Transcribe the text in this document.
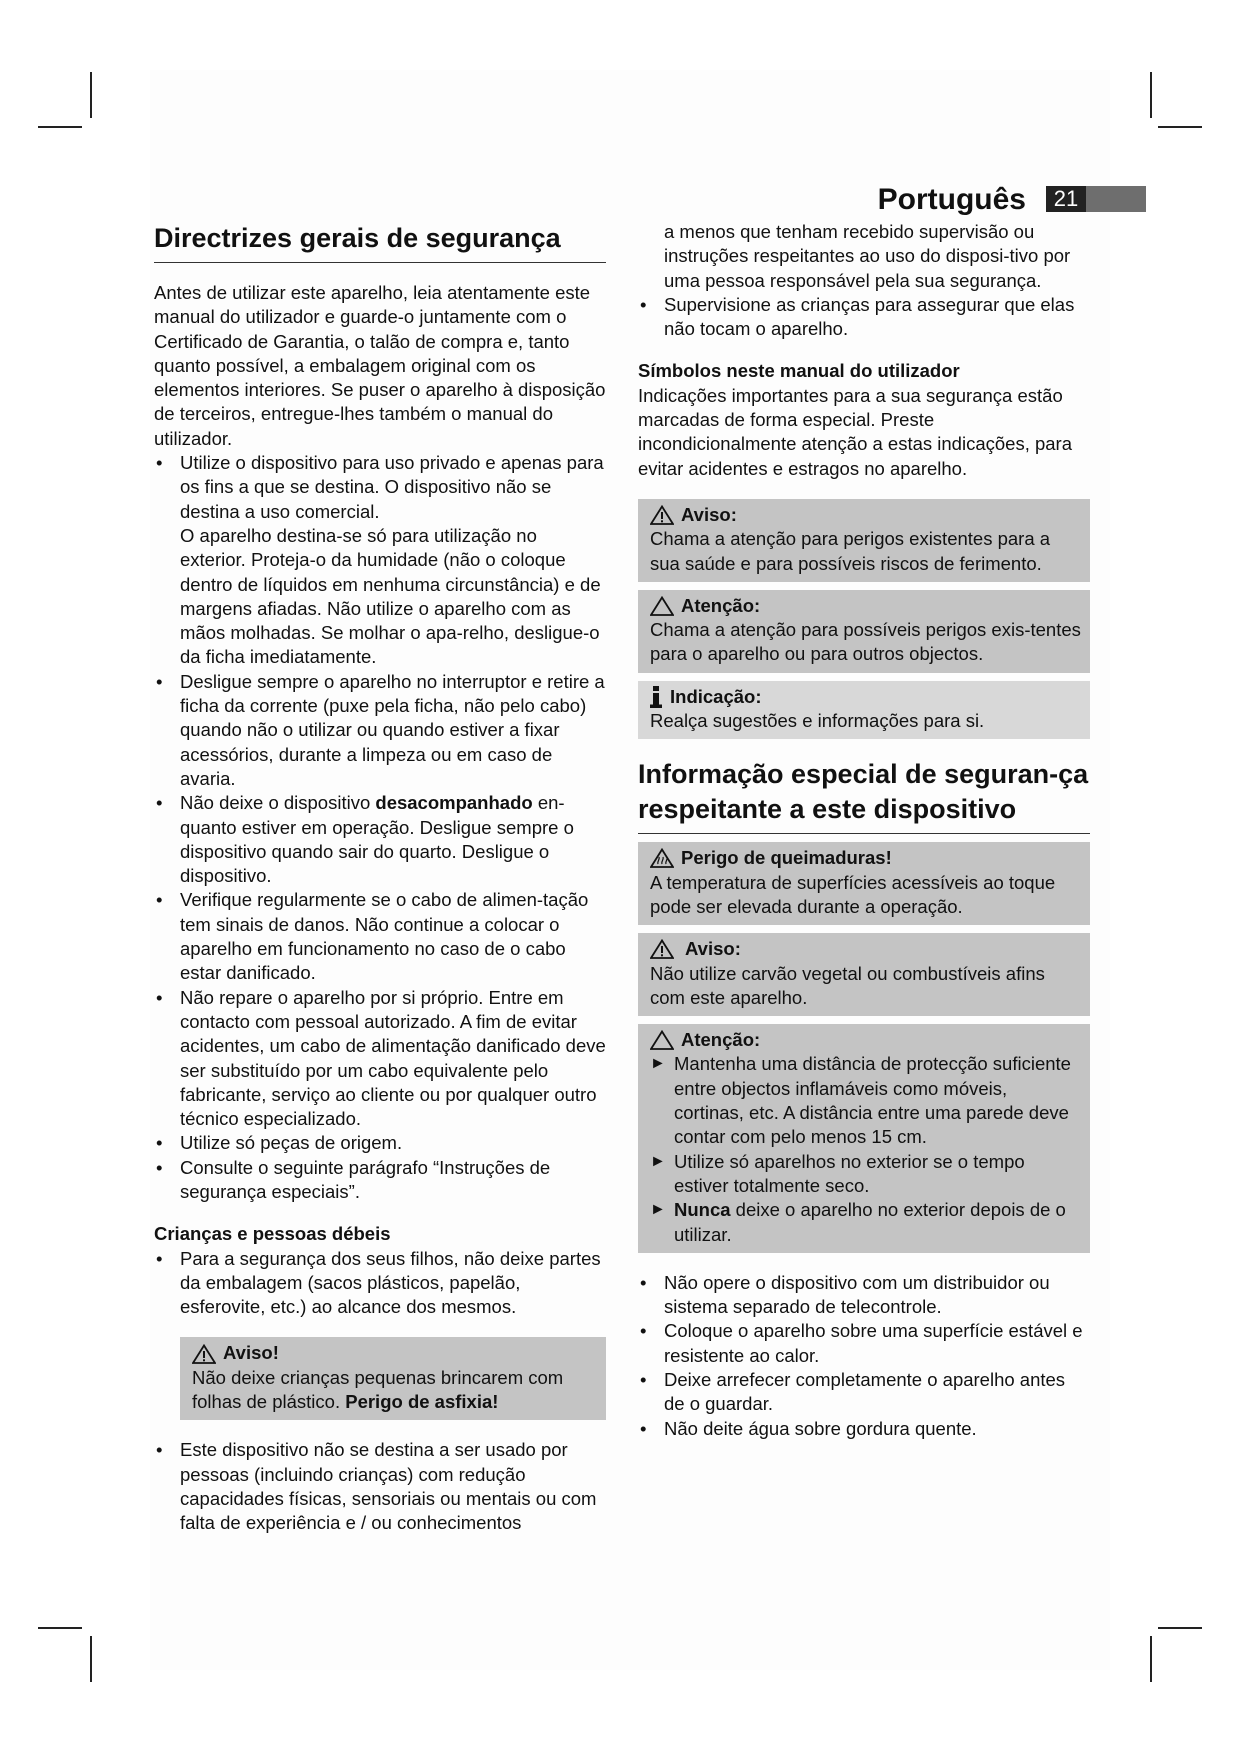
Português	21
Directrizes gerais de segurança

Antes de utilizar este aparelho, leia atentamente este manual do utilizador e guarde-o juntamente com o Certificado de Garantia, o talão de compra e, tanto quanto possível, a embalagem original com os elementos interiores. Se puser o aparelho à disposição de terceiros, entregue-lhes também o manual do utilizador.

• Utilize o dispositivo para uso privado e apenas para os fins a que se destina. O dispositivo não se destina a uso comercial.
O aparelho destina-se só para utilização no exterior. Proteja-o da humidade (não o coloque dentro de líquidos em nenhuma circunstância) e de margens afiadas. Não utilize o aparelho com as mãos molhadas. Se molhar o apa-relho, desligue-o da ficha imediatamente.
• Desligue sempre o aparelho no interruptor e retire a ficha da corrente (puxe pela ficha, não pelo cabo) quando não o utilizar ou quando estiver a fixar acessórios, durante a limpeza ou em caso de avaria.
• Não deixe o dispositivo desacompanhado en-quanto estiver em operação. Desligue sempre o dispositivo quando sair do quarto. Desligue o dispositivo.
• Verifique regularmente se o cabo de alimen-tação tem sinais de danos. Não continue a colocar o aparelho em funcionamento no caso de o cabo estar danificado.
• Não repare o aparelho por si próprio. Entre em contacto com pessoal autorizado. A fim de evitar acidentes, um cabo de alimentação danificado deve ser substituído por um cabo equivalente pelo fabricante, serviço ao cliente ou por qualquer outro técnico especializado.
• Utilize só peças de origem.
• Consulte o seguinte parágrafo “Instruções de segurança especiais”.
Crianças e pessoas débeis
• Para a segurança dos seus filhos, não deixe partes da embalagem (sacos plásticos, papelão, esferovite, etc.) ao alcance dos mesmos.
Aviso!
Não deixe crianças pequenas brincarem com folhas de plástico. Perigo de asfixia!
• Este dispositivo não se destina a ser usado por pessoas (incluindo crianças) com redução capacidades físicas, sensoriais ou mentais ou com falta de experiência e / ou conhecimentos

a menos que tenham recebido supervisão ou instruções respeitantes ao uso do disposi-tivo por uma pessoa responsável pela sua segurança.

• Supervisione as crianças para assegurar que elas não tocam o aparelho.
Símbolos neste manual do utilizador

Indicações importantes para a sua segurança estão marcadas de forma especial. Preste incondicionalmente atenção a estas indicações, para evitar acidentes e estragos no aparelho.

Aviso:

Chama a atenção para perigos existentes para a sua saúde e para possíveis riscos de ferimento.

Atenção:

Chama a atenção para possíveis perigos exis-tentes para o aparelho ou para outros objectos.

Indicação:

Realça sugestões e informações para si.

Informação especial de seguran-ça respeitante a este dispositivo
Perigo de queimaduras!

A temperatura de superfícies acessíveis ao toque pode ser elevada durante a operação.

Aviso:

Não utilize carvão vegetal ou combustíveis afins com este aparelho.

Atenção:
► Mantenha uma distância de protecção suficiente entre objectos inflamáveis como móveis, cortinas, etc. A distância entre uma parede deve contar com pelo menos 15 cm.
► Utilize só aparelhos no exterior se o tempo estiver totalmente seco.
► Nunca deixe o aparelho no exterior depois de o utilizar.
• Não opere o dispositivo com um distribuidor ou sistema separado de telecontrole.
• Coloque o aparelho sobre uma superfície estável e resistente ao calor.
• Deixe arrefecer completamente o aparelho antes de o guardar.
• Não deite água sobre gordura quente.
